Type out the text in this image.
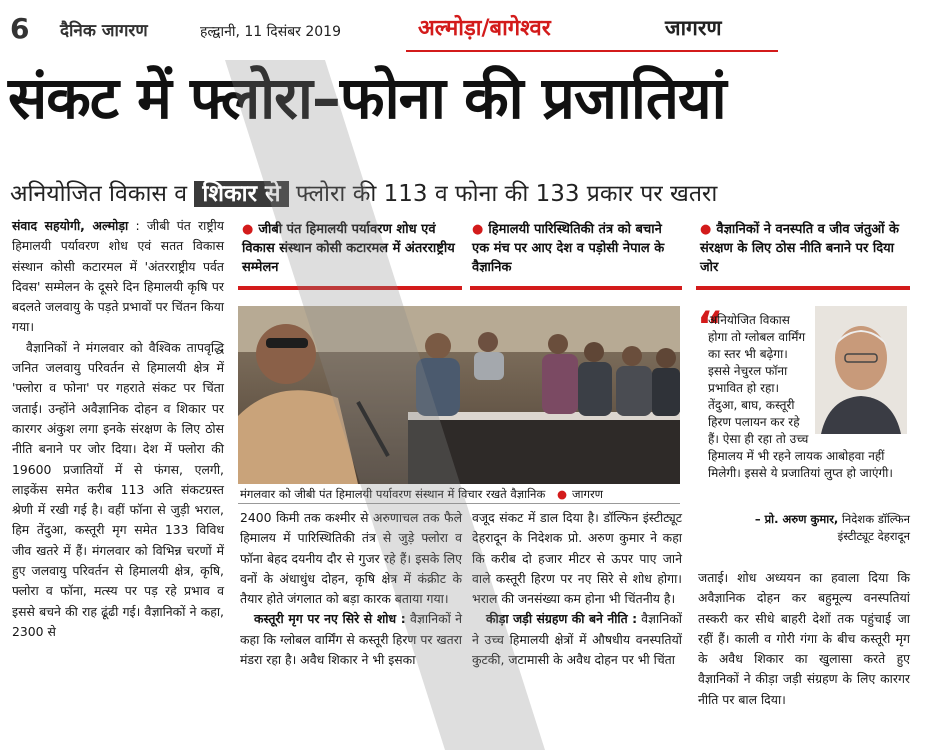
6 दैनिक जागरण	हल्द्वानी, 11 दिसंबर 2019	अल्मोड़ा/बागेश्वर	जागरण
संकट में फ्लोरा–फोना की प्रजातियां
अनियोजित विकास व शिकार से फ्लोरा की 113 व फोना की 133 प्रकार पर खतरा

संवाद सहयोगी, अल्मोड़ा : जीबी पंत राष्ट्रीय हिमालयी पर्यावरण शोध एवं सतत विकास संस्थान कोसी कटारमल में 'अंतरराष्ट्रीय पर्वत दिवस' सम्मेलन के दूसरे दिन हिमालयी कृषि पर बदलते जलवायु के पड़ते प्रभावों पर चिंतन किया गया।

वैज्ञानिकों ने मंगलवार को वैश्विक तापवृद्धि जनित जलवायु परिवर्तन से हिमालयी क्षेत्र में 'फ्लोरा व फोना' पर गहराते संकट पर चिंता जताई। उन्होंने अवैज्ञानिक दोहन व शिकार पर कारगर अंकुश लगा इनके संरक्षण के लिए ठोस नीति बनाने पर जोर दिया। देश में फ्लोरा की 19600 प्रजातियों में से फंगस, एलगी, लाइकेंस समेत करीब 113 अति संकटग्रस्त श्रेणी में रखी गई है। वहीं फॉना से जुड़ी भराल, हिम तेंदुआ, कस्तूरी मृग समेत 133 विविध जीव खतरे में हैं। मंगलवार को विभिन्न चरणों में हुए जलवायु परिवर्तन से हिमालयी क्षेत्र, कृषि, फ्लोरा व फॉना, मत्स्य पर पड़ रहे प्रभाव व इससे बचने की राह ढूंढी गई। वैज्ञानिकों ने कहा, 2300 से

● जीबी पंत हिमालयी पर्यावरण शोध एवं विकास संस्थान कोसी कटारमल में अंतरराष्ट्रीय सम्मेलन
● हिमालयी पारिस्थितिकी तंत्र को बचाने एक मंच पर आए देश व पड़ोसी नेपाल के वैज्ञानिक
● वैज्ञानिकों ने वनस्पति व जीव जंतुओं के संरक्षण के लिए ठोस नीति बनाने पर दिया जोर
मंगलवार को जीबी पंत हिमालयी पर्यावरण संस्थान में विचार रखते वैज्ञानिक ● जागरण

2400 किमी तक कश्मीर से अरुणाचल तक फैले हिमालय में पारिस्थितिकी तंत्र से जुड़े फ्लोरा व फॉना बेहद दयनीय दौर से गुजर रहे हैं। इसके लिए वनों के अंधाधुंध दोहन, कृषि क्षेत्र में कंक्रीट के तैयार होते जंगलात को बड़ा कारक बताया गया।

कस्तूरी मृग पर नए सिरे से शोध : वैज्ञानिकों ने कहा कि ग्लोबल वार्मिंग से कस्तूरी हिरण पर खतरा मंडरा रहा है। अवैध शिकार ने भी इसका

वजूद संकट में डाल दिया है। डॉल्फिन इंस्टीट्यूट देहरादून के निदेशक प्रो. अरुण कुमार ने कहा कि करीब दो हजार मीटर से ऊपर पाए जाने वाले कस्तूरी हिरण पर नए सिरे से शोध होगा। भराल की जनसंख्या कम होना भी चिंतनीय है।

कीड़ा जड़ी संग्रहण की बने नीति : वैज्ञानिकों ने उच्च हिमालयी क्षेत्रों में औषधीय वनस्पतियों कुटकी, जटामासी के अवैध दोहन पर भी चिंता

“
अनियोजित विकास होगा तो ग्लोबल वार्मिंग का स्तर भी बढ़ेगा। इससे नेचुरल फॉना प्रभावित हो रहा। तेंदुआ, बाघ, कस्तूरी हिरण पलायन कर रहे हैं। ऐसा ही रहा तो उच्च हिमालय में भी रहने लायक आबोहवा नहीं मिलेगी। इससे ये प्रजातियां लुप्त हो जाएंगी।
– प्रो. अरुण कुमार, निदेशक डॉल्फिन इंस्टीट्यूट देहरादून

जताई। शोध अध्ययन का हवाला दिया कि अवैज्ञानिक दोहन कर बहुमूल्य वनस्पतियां तस्करी कर सीधे बाहरी देशों तक पहुंचाई जा रहीं हैं। काली व गोरी गंगा के बीच कस्तूरी मृग के अवैध शिकार का खुलासा करते हुए वैज्ञानिकों ने कीड़ा जड़ी संग्रहण के लिए कारगर नीति पर बाल दिया।
